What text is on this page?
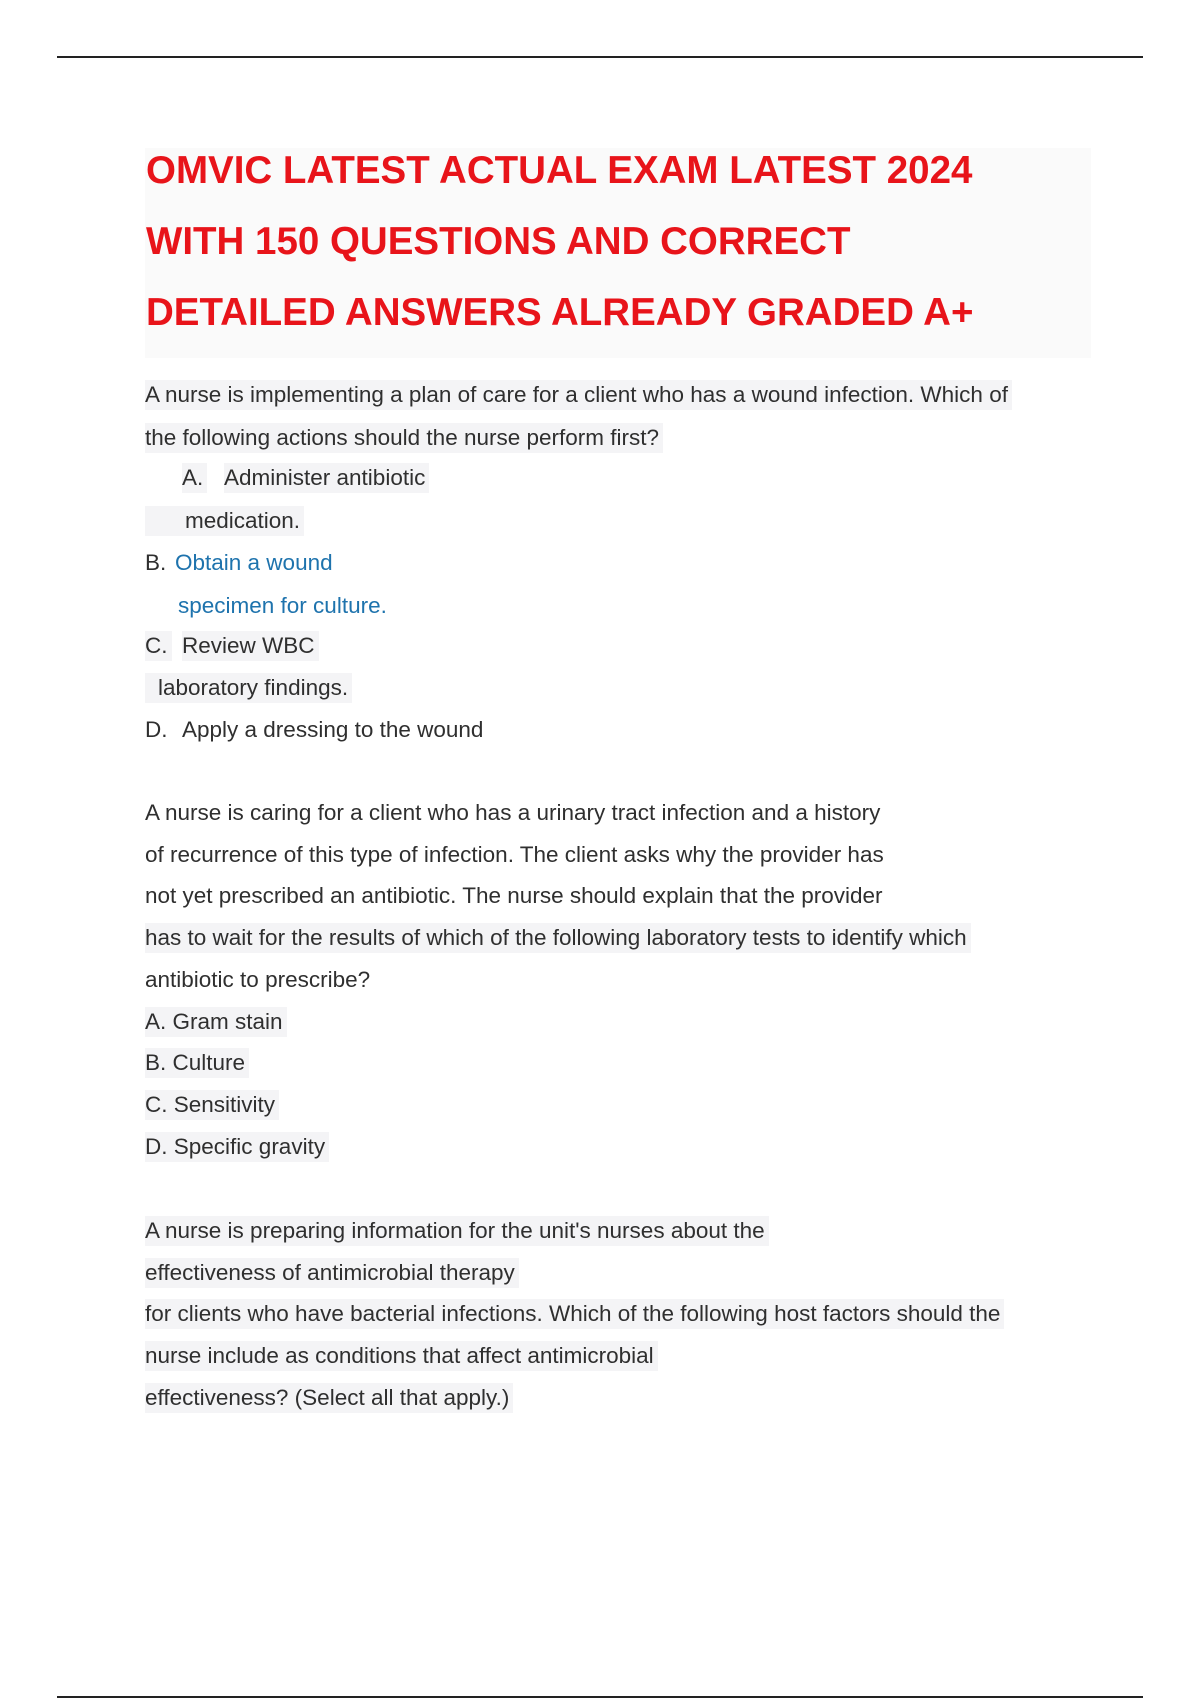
OMVIC LATEST ACTUAL EXAM LATEST 2024
WITH 150 QUESTIONS AND CORRECT
DETAILED ANSWERS ALREADY GRADED A+

A nurse is implementing a plan of care for a client who has a wound infection. Which of

the following actions should the nurse perform first?

A. Administer antibiotic
medication.
B. Obtain a wound
specimen for culture.
C. Review WBC
laboratory findings.
D. Apply a dressing to the wound

A nurse is caring for a client who has a urinary tract infection and a history

of recurrence of this type of infection. The client asks why the provider has

not yet prescribed an antibiotic. The nurse should explain that the provider

has to wait for the results of which of the following laboratory tests to identify which

antibiotic to prescribe?

A. Gram stain
B. Culture
C. Sensitivity
D. Specific gravity

A nurse is preparing information for the unit's nurses about the

effectiveness of antimicrobial therapy

for clients who have bacterial infections. Which of the following host factors should the

nurse include as conditions that affect antimicrobial

effectiveness? (Select all that apply.)
